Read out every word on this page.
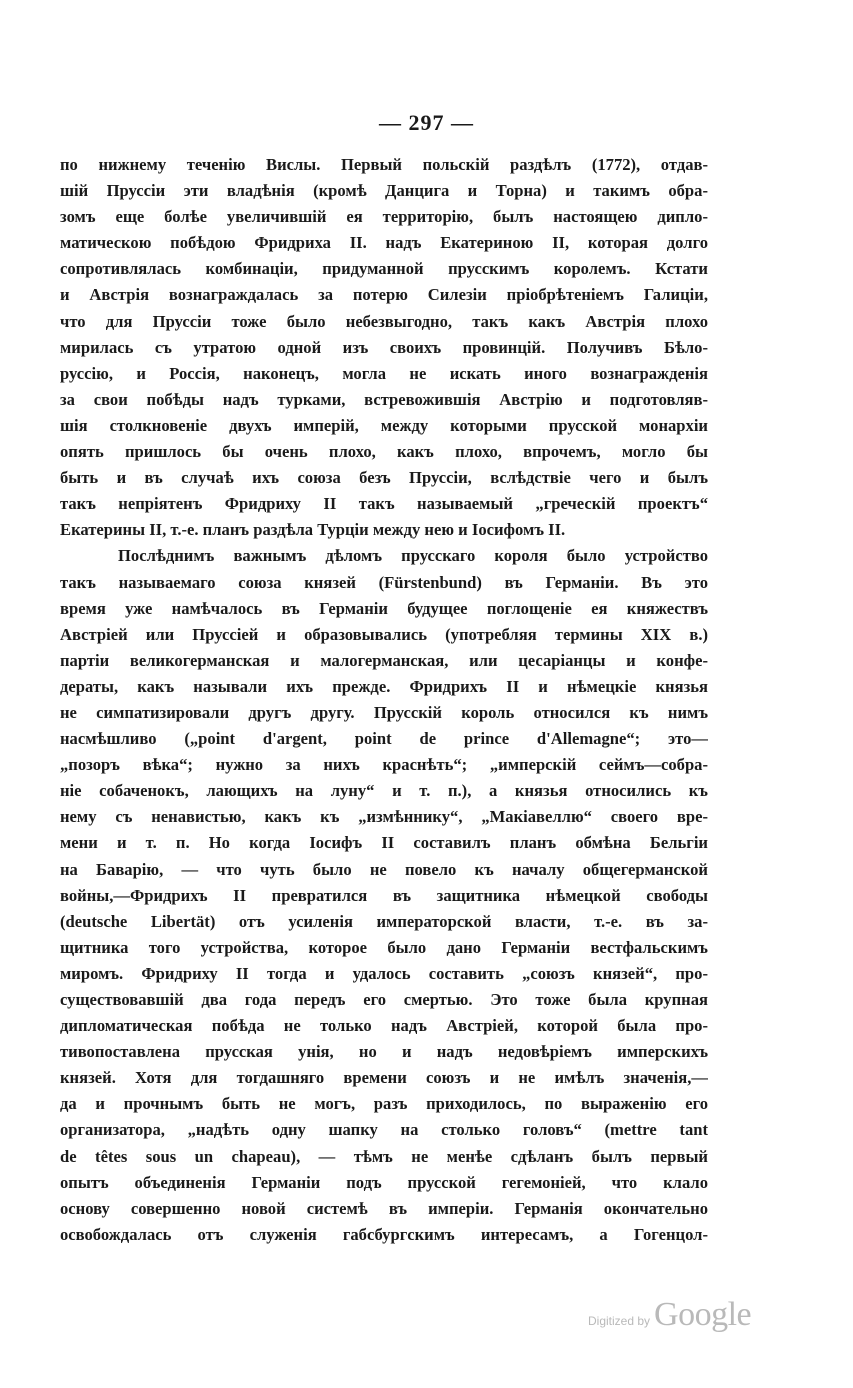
— 297 —
по нижнему теченію Вислы. Первый польскій раздѣлъ (1772), отдав-
шій Пруссіи эти владѣнія (кромѣ Данцига и Торна) и такимъ обра-
зомъ еще болѣе увеличившій ея территорію, былъ настоящею дипло-
матическою побѣдою Фридриха II. надъ Екатериною II, которая долго
сопротивлялась комбинаціи, придуманной прусскимъ королемъ. Кстати
и Австрія вознаграждалась за потерю Силезіи пріобрѣтеніемъ Галиціи,
что для Пруссіи тоже было небезвыгодно, такъ какъ Австрія плохо
мирилась съ утратою одной изъ своихъ провинцій. Получивъ Бѣло-
руссію, и Россія, наконецъ, могла не искать иного вознагражденія
за свои побѣды надъ турками, встревожившія Австрію и подготовляв-
шія столкновеніе двухъ имперій, между которыми прусской монархіи
опять пришлось бы очень плохо, какъ плохо, впрочемъ, могло бы
быть и въ случаѣ ихъ союза безъ Пруссіи, вслѣдствіе чего и былъ
такъ непріятенъ Фридриху II такъ называемый „греческій проектъ“
Екатерины II, т.-е. планъ раздѣла Турціи между нею и Іосифомъ II.
Послѣднимъ важнымъ дѣломъ прусскаго короля было устройство
такъ называемаго союза князей (Fürstenbund) въ Германіи. Въ это
время уже намѣчалось въ Германіи будущее поглощеніе ея княжествъ
Австріей или Пруссіей и образовывались (употребляя термины XIX в.)
партіи великогерманская и малогерманская, или цесаріанцы и конфе-
дераты, какъ называли ихъ прежде. Фридрихъ II и нѣмецкіе князья
не симпатизировали другъ другу. Прусскій король относился къ нимъ
насмѣшливо („point d'argent, point de prince d'Allemagne“; это—
„позоръ вѣка“; нужно за нихъ краснѣть“; „имперскій сеймъ—собра-
ніе собаченокъ, лающихъ на луну“ и т. п.), а князья относились къ
нему съ ненавистью, какъ къ „измѣннику“, „Макіавеллю“ своего вре-
мени и т. п. Но когда Іосифъ II составилъ планъ обмѣна Бельгіи
на Баварію, — что чуть было не повело къ началу общегерманской
войны,—Фридрихъ II превратился въ защитника нѣмецкой свободы
(deutsche Libertät) отъ усиленія императорской власти, т.-е. въ за-
щитника того устройства, которое было дано Германіи вестфальскимъ
миромъ. Фридриху II тогда и удалось составить „союзъ князей“, про-
существовавшій два года передъ его смертью. Это тоже была крупная
дипломатическая побѣда не только надъ Австріей, которой была про-
тивопоставлена прусская унія, но и надъ недовѣріемъ имперскихъ
князей. Хотя для тогдашняго времени союзъ и не имѣлъ значенія,—
да и прочнымъ быть не могъ, разъ приходилось, по выраженію его
организатора, „надѣть одну шапку на столько головъ“ (mettre tant
de têtes sous un chapeau), — тѣмъ не менѣе сдѣланъ былъ первый
опытъ объединенія Германіи подъ прусской гегемоніей, что клало
основу совершенно новой системѣ въ имперіи. Германія окончательно
освобождалась отъ служенія габсбургскимъ интересамъ, а Гогенцол-
Digitized by Google
